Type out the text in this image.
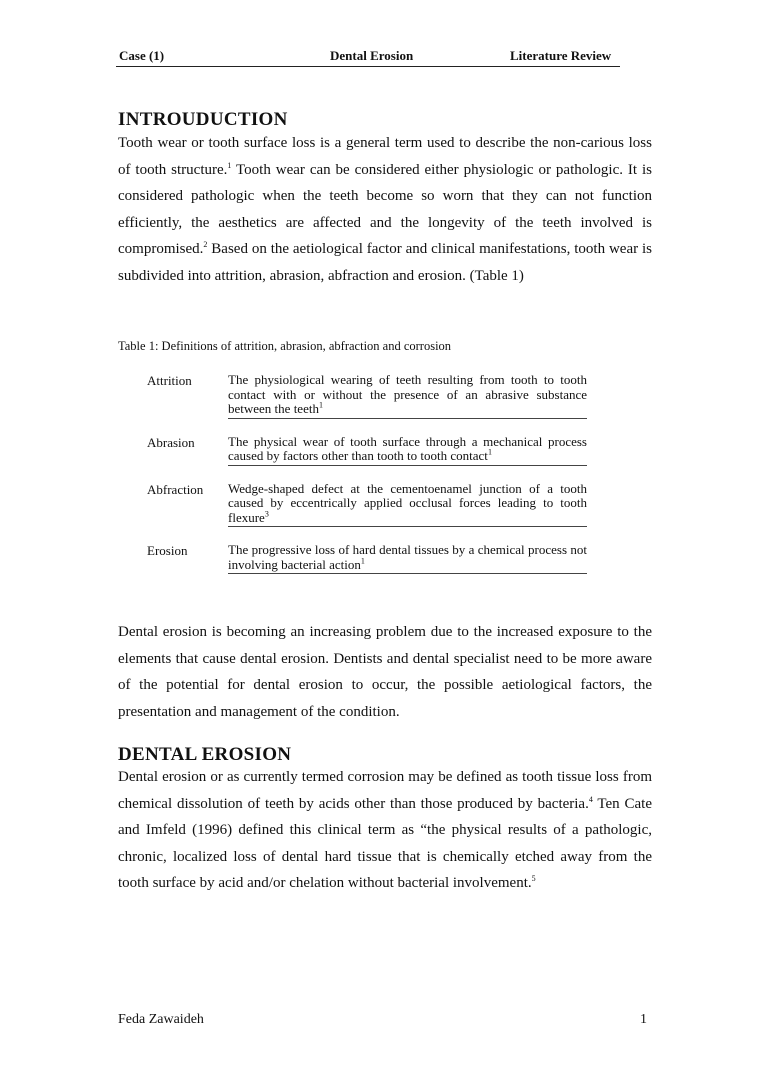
Case (1)	Dental Erosion	Literature Review
INTROUDUCTION

Tooth wear or tooth surface loss is a general term used to describe the non-carious loss of tooth structure.$^1$ Tooth wear can be considered either physiologic or pathologic. It is considered pathologic when the teeth become so worn that they can not function efficiently, the aesthetics are affected and the longevity of the teeth involved is compromised.$^2$ Based on the aetiological factor and clinical manifestations, tooth wear is subdivided into attrition, abrasion, abfraction and erosion. (Table 1)

Table 1: Definitions of attrition, abrasion, abfraction and corrosion

Attrition	The physiological wearing of teeth resulting from tooth to tooth contact with or without the presence of an abrasive substance between the teeth$^1$

Abrasion	The physical wear of tooth surface through a mechanical process caused by factors other than tooth to tooth contact$^1$

Abfraction	Wedge-shaped defect at the cementoenamel junction of a tooth caused by eccentrically applied occlusal forces leading to tooth flexure$^3$

Erosion	The progressive loss of hard dental tissues by a chemical process not involving bacterial action$^1$

Dental erosion is becoming an increasing problem due to the increased exposure to the elements that cause dental erosion. Dentists and dental specialist need to be more aware of the potential for dental erosion to occur, the possible aetiological factors, the presentation and management of the condition.

DENTAL EROSION

Dental erosion or as currently termed corrosion may be defined as tooth tissue loss from chemical dissolution of teeth by acids other than those produced by bacteria.$^4$ Ten Cate and Imfeld (1996) defined this clinical term as “the physical results of a pathologic, chronic, localized loss of dental hard tissue that is chemically etched away from the tooth surface by acid and/or chelation without bacterial involvement.$^5$

Feda Zawaideh	1
